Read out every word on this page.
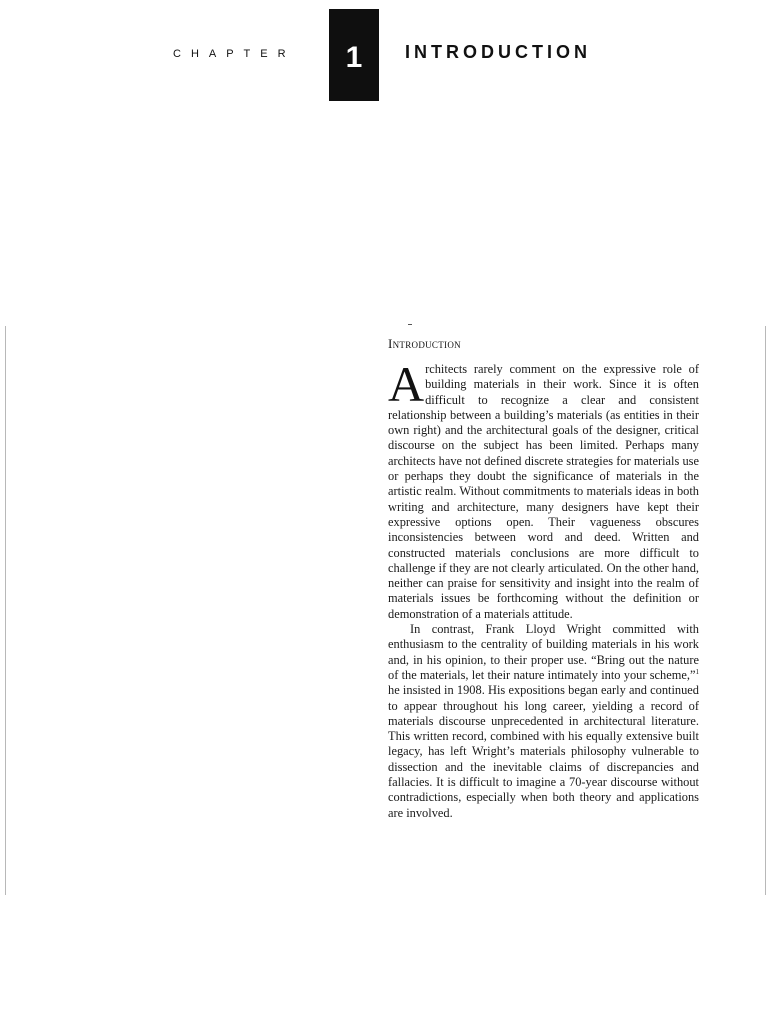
CHAPTER 1 INTRODUCTION
Introduction

Architects rarely comment on the expressive role of building materials in their work. Since it is often difficult to recognize a clear and consistent relationship between a building’s materials (as entities in their own right) and the architectural goals of the designer, critical discourse on the subject has been limited. Perhaps many architects have not defined discrete strategies for materials use or perhaps they doubt the significance of materials in the artistic realm. Without commitments to materials ideas in both writing and architecture, many designers have kept their expressive options open. Their vagueness obscures inconsistencies between word and deed. Written and constructed materials conclusions are more difficult to challenge if they are not clearly articulated. On the other hand, neither can praise for sensitivity and insight into the realm of materials issues be forthcoming without the definition or demonstration of a materials attitude.

In contrast, Frank Lloyd Wright committed with enthusiasm to the centrality of building materials in his work and, in his opinion, to their proper use. “Bring out the nature of the materials, let their nature intimately into your scheme,”$^1$ he insisted in 1908. His expositions began early and continued to appear throughout his long career, yielding a record of materials discourse unprecedented in architectural literature. This written record, combined with his equally extensive built legacy, has left Wright’s materials philosophy vulnerable to dissection and the inevitable claims of discrepancies and fallacies. It is difficult to imagine a 70-year discourse without contradictions, especially when both theory and applications are involved.
